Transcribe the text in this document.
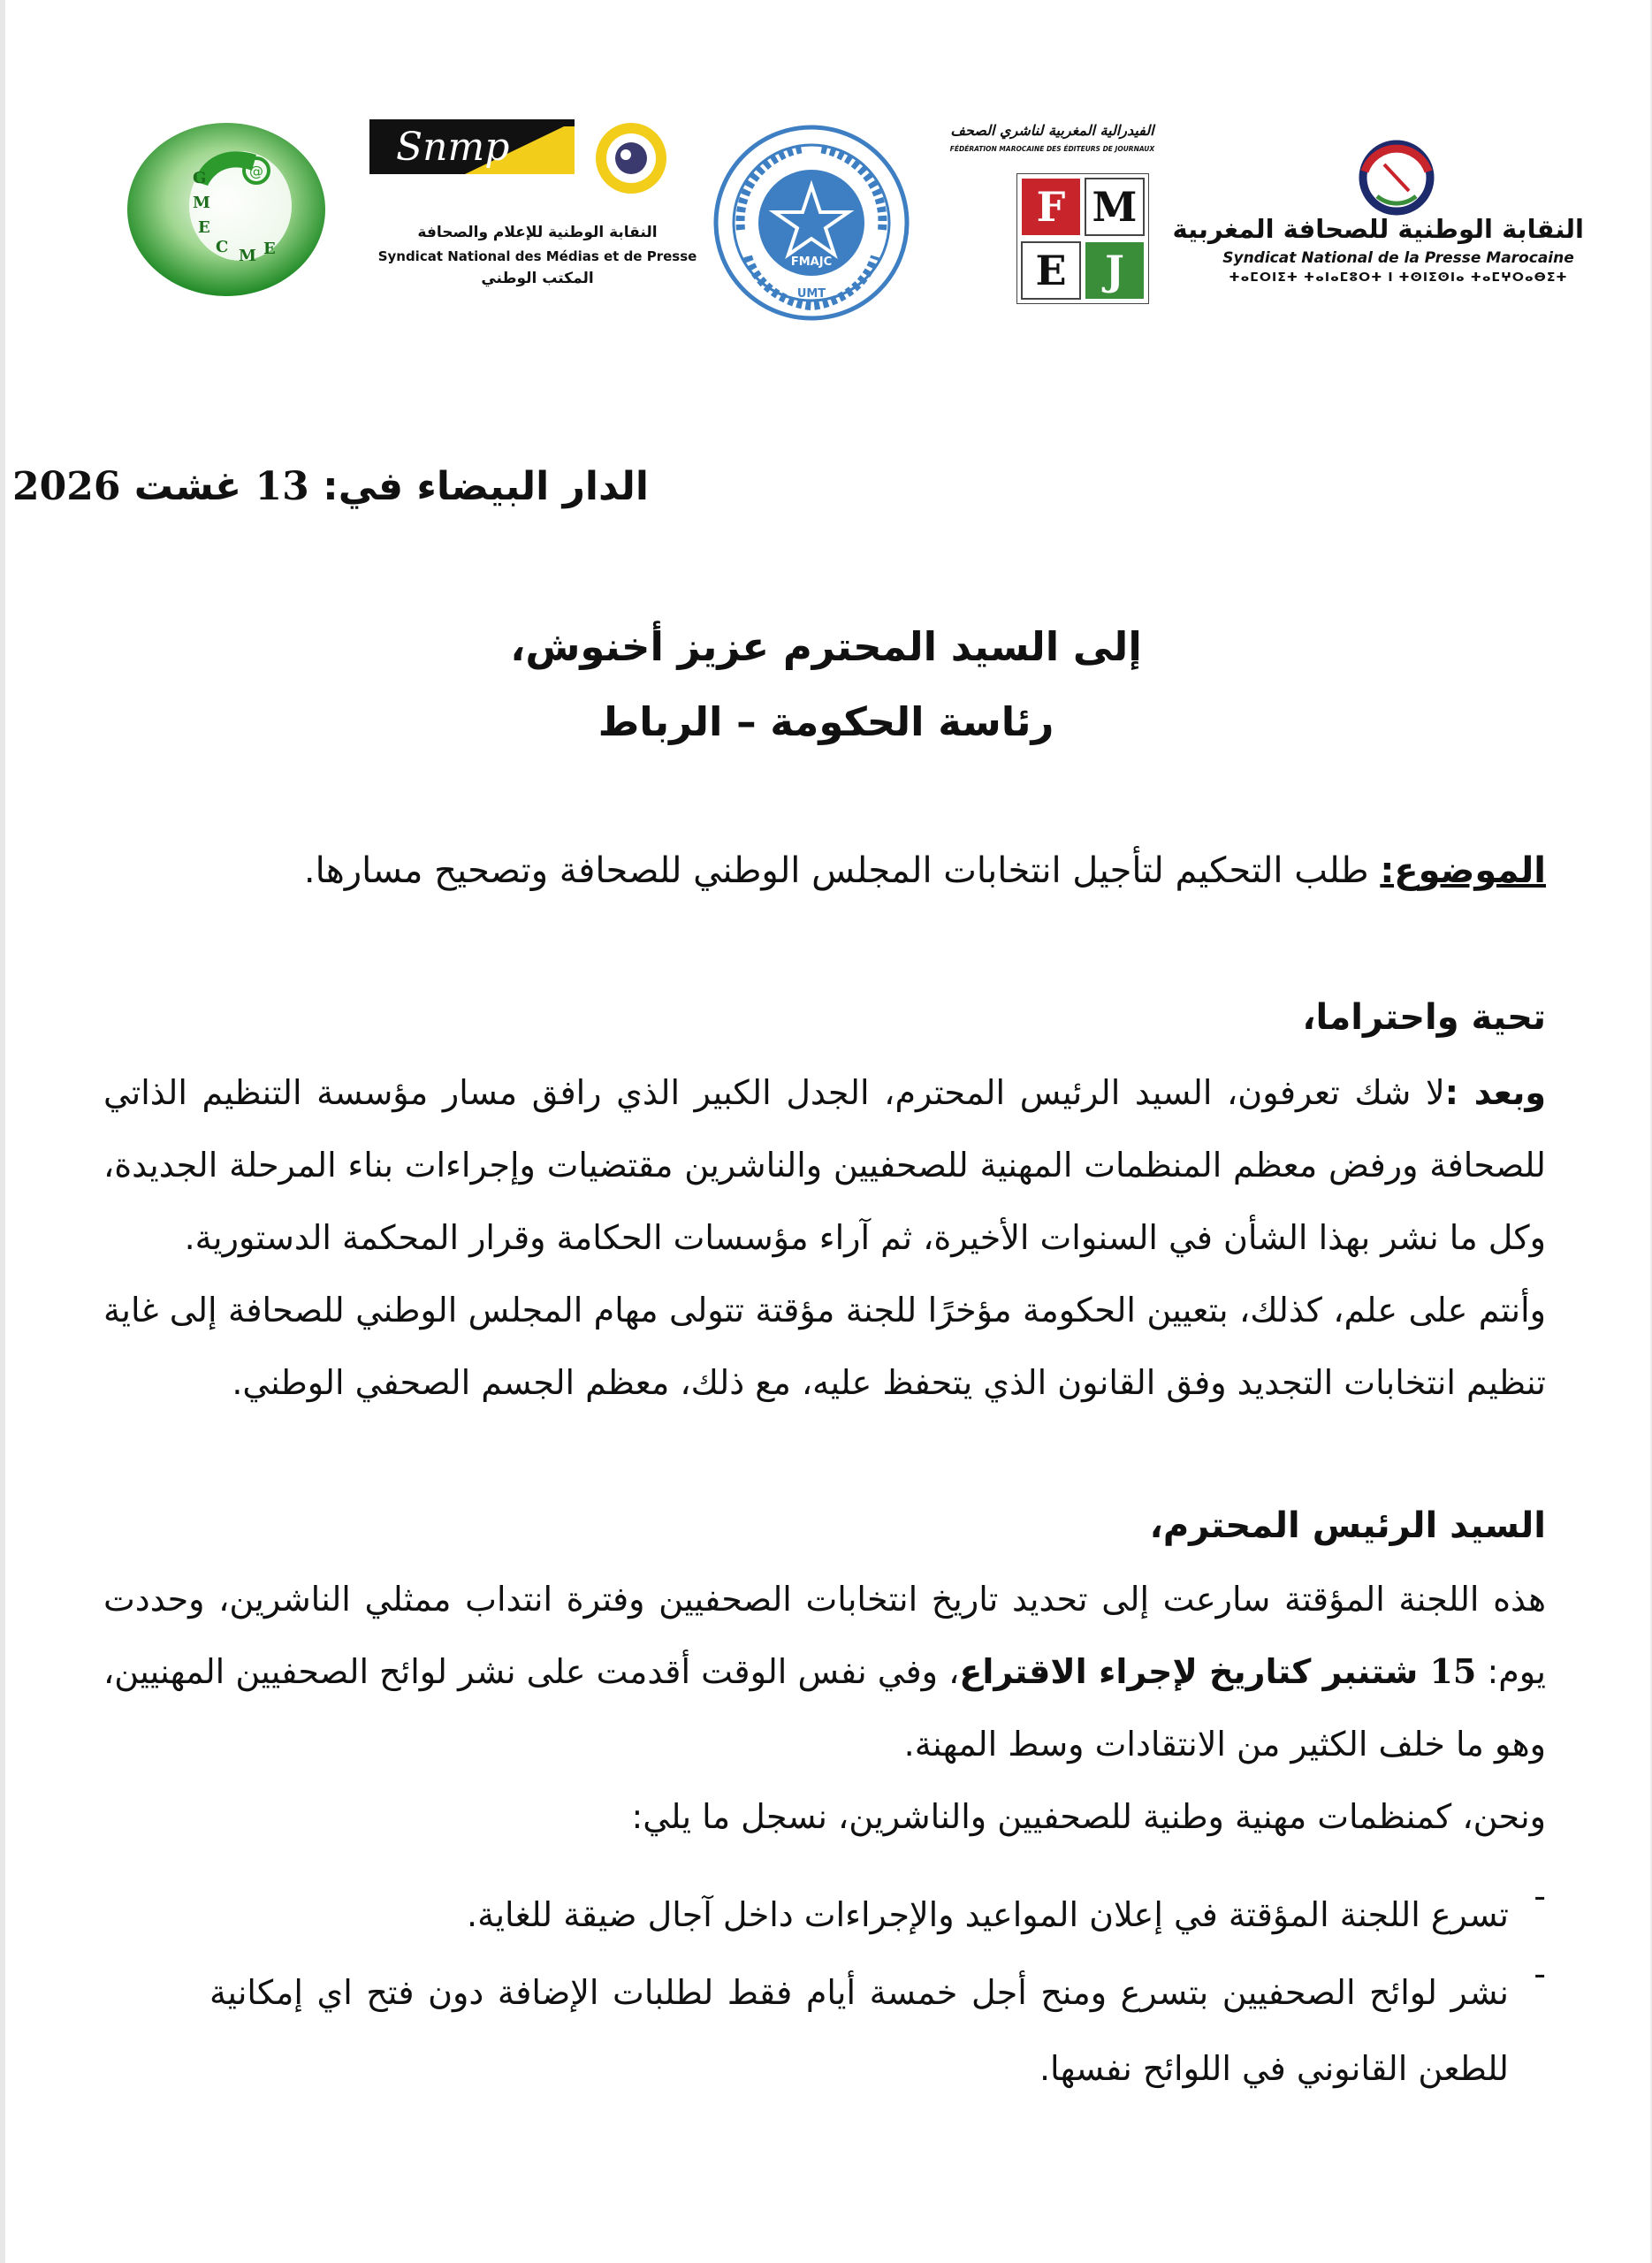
@
G
M
E
C M E
Snmp
النقابة الوطنية للإعلام والصحافة
Syndicat National des Médias et de Presse
المكتب الوطني
FMAJC
UMT
الفيدرالية المغربية لناشري الصحف
FÉDÉRATION MAROCAINE DES ÉDITEURS DE JOURNAUX
F M
E J
النقابة الوطنية للصحافة المغربية
Syndicat National de la Presse Marocaine
ⵜⴰⵎⵔⵏⵉⵜ ⵜⴰⵏⴰⵎⵓⵔⵜ ⵏ ⵜⵙⵏⵉⵙⵏⴰ ⵜⴰⵎⵖⵔⴰⴱⵉⵜ
الدار البيضاء في: 13 غشت 2026
إلى السيد المحترم عزيز أخنوش،
رئاسة الحكومة – الرباط
الموضوع: طلب التحكيم لتأجيل انتخابات المجلس الوطني للصحافة وتصحيح مسارها.
تحية واحتراما،
وبعد :لا شك تعرفون، السيد الرئيس المحترم، الجدل الكبير الذي رافق مسار مؤسسة التنظيم الذاتي للصحافة ورفض معظم المنظمات المهنية للصحفيين والناشرين مقتضيات وإجراءات بناء المرحلة الجديدة، وكل ما نشر بهذا الشأن في السنوات الأخيرة، ثم آراء مؤسسات الحكامة وقرار المحكمة الدستورية.
وأنتم على علم، كذلك، بتعيين الحكومة مؤخرًا للجنة مؤقتة تتولى مهام المجلس الوطني للصحافة إلى غاية تنظيم انتخابات التجديد وفق القانون الذي يتحفظ عليه، مع ذلك، معظم الجسم الصحفي الوطني.
السيد الرئيس المحترم،
هذه اللجنة المؤقتة سارعت إلى تحديد تاريخ انتخابات الصحفيين وفترة انتداب ممثلي الناشرين، وحددت يوم: 15 شتنبر كتاريخ لإجراء الاقتراع، وفي نفس الوقت أقدمت على نشر لوائح الصحفيين المهنيين، وهو ما خلف الكثير من الانتقادات وسط المهنة.
ونحن، كمنظمات مهنية وطنية للصحفيين والناشرين، نسجل ما يلي:
-
تسرع اللجنة المؤقتة في إعلان المواعيد والإجراءات داخل آجال ضيقة للغاية.
-
نشر لوائح الصحفيين بتسرع ومنح أجل خمسة أيام فقط لطلبات الإضافة دون فتح اي إمكانية للطعن القانوني في اللوائح نفسها.
